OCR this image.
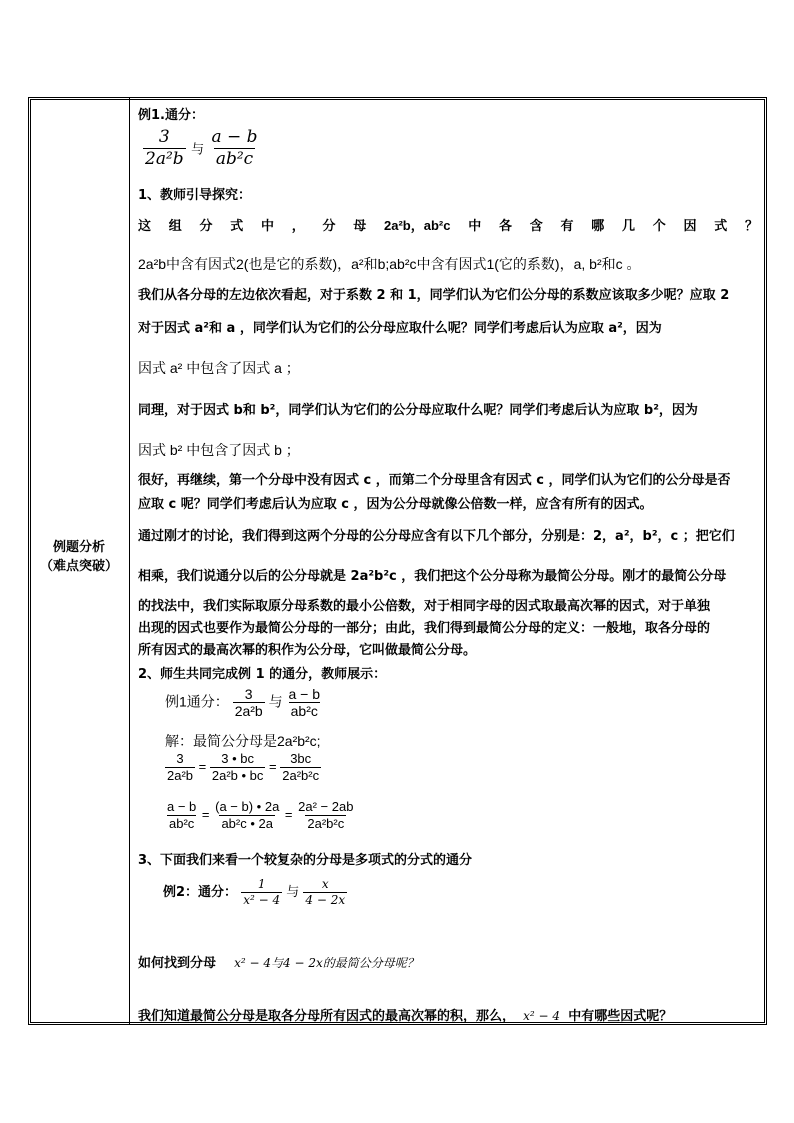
例题分析
（难点突破）
例1.通分：
$\frac{3}{\text{2a²b}}$ 与 $\frac{a - b}{\text{ab²c}}$
1、教师引导探究：
这 组 分 式 中 ， 分 母 2a²b，ab²c 中 各 含 有 哪 几 个 因 式 ？
2a²b中含有因式2(也是它的系数)，a²和b;ab²c中含有因式1(它的系数)，a, b²和c 。
我们从各分母的左边依次看起，对于系数 2 和 1，同学们认为它们公分母的系数应该取多少呢？应取 2
对于因式 a²和 a ，同学们认为它们的公分母应取什么呢？同学们考虑后认为应取 a²，因为
因式 a² 中包含了因式 a ；
同理，对于因式 b和 b²，同学们认为它们的公分母应取什么呢？同学们考虑后认为应取 b²，因为
因式 b² 中包含了因式 b ；
很好，再继续，第一个分母中没有因式 c ，而第二个分母里含有因式 c ，同学们认为它们的公分母是否
应取 c 呢？同学们考虑后认为应取 c ，因为公分母就像公倍数一样，应含有所有的因式。
通过刚才的讨论，我们得到这两个分母的公分母应含有以下几个部分，分别是：2，a²，b²，c ；把它们
相乘，我们说通分以后的公分母就是 2a²b²c ，我们把这个公分母称为最简公分母。刚才的最简公分母
的找法中，我们实际取原分母系数的最小公倍数，对于相同字母的因式取最高次幂的因式，对于单独
出现的因式也要作为最简公分母的一部分；由此，我们得到最简公分母的定义：一般地，取各分母的
所有因式的最高次幂的积作为公分母，它叫做最简公分母。
2、师生共同完成例 1 的通分，教师展示：
例1通分： $\frac{3}{\text{2a²b}}$ 与 $\frac{a - b}{\text{ab²c}}$
解：最简公分母是2a²b²c;
$\frac{3}{\text{2a²b}} = \frac{3 • bc}{\text{2a²b • bc}} = \frac{3bc}{\text{2a²b²c}}$
$\frac{a - b}{\text{ab²c}} = \frac{(a - b) • 2a}{\text{ab²c • 2a}} = \frac{\text{2a² − 2ab}}{\text{2a²b²c}}$
3、下面我们来看一个较复杂的分母是多项式的分式的通分
例2：通分： $\frac{1}{\text{x² − 4}}$ 与 $\frac{x}{4 - 2x}$
如何找到分母 x² − 4与4 − 2x的最简公分母呢？
我们知道最简公分母是取各分母所有因式的最高次幂的积，那么， x² − 4 中有哪些因式呢？
